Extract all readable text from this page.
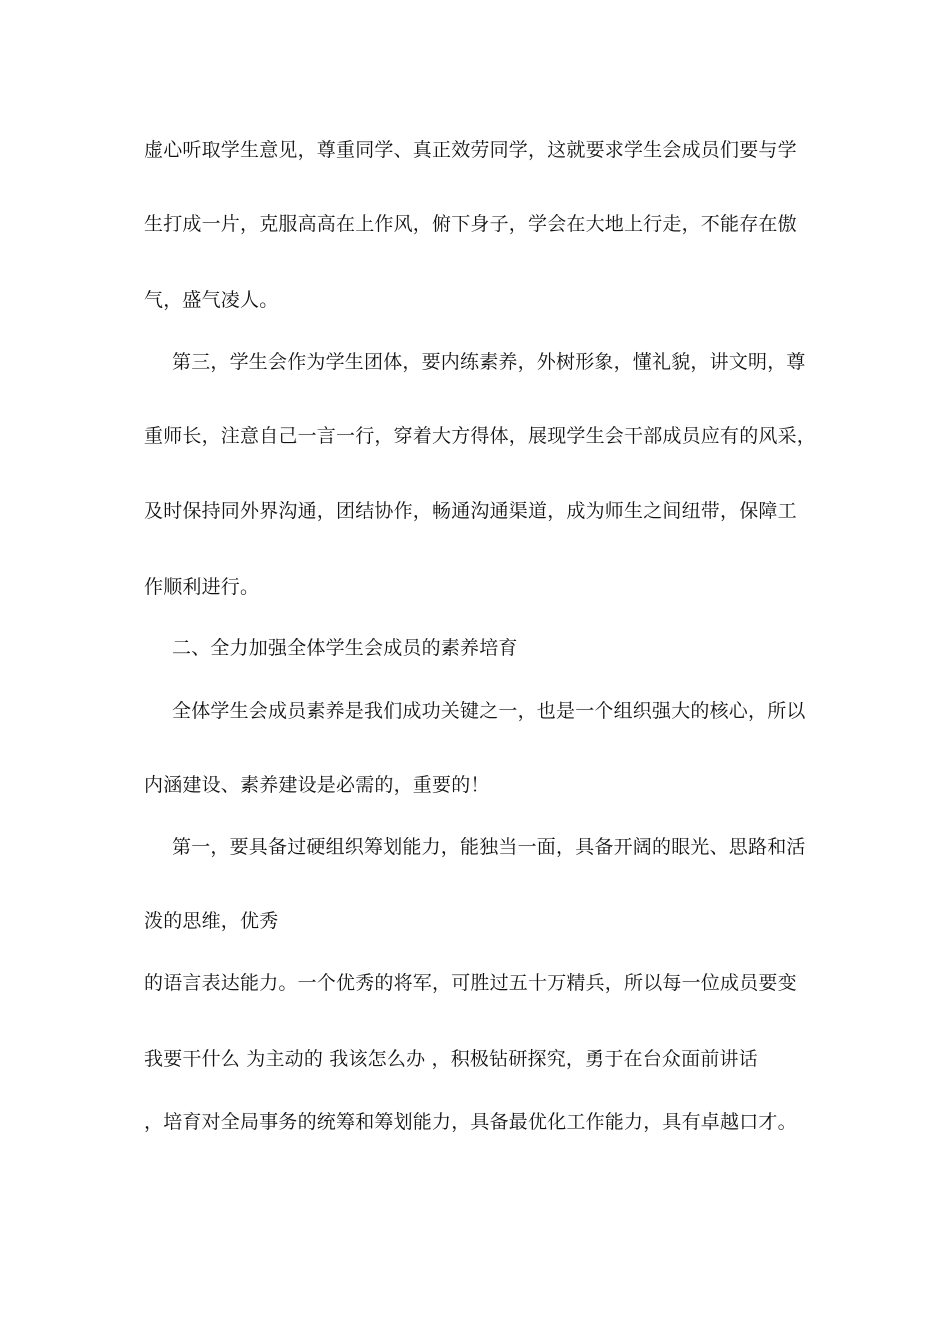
虚心听取学生意见，尊重同学、真正效劳同学，这就要求学生会成员们要与学
生打成一片，克服高高在上作风，俯下身子，学会在大地上行走，不能存在傲
气，盛气凌人。
第三，学生会作为学生团体，要内练素养，外树形象，懂礼貌，讲文明，尊
重师长，注意自己一言一行，穿着大方得体，展现学生会干部成员应有的风采，
及时保持同外界沟通，团结协作，畅通沟通渠道，成为师生之间纽带，保障工
作顺利进行。
二、全力加强全体学生会成员的素养培育
全体学生会成员素养是我们成功关键之一，也是一个组织强大的核心，所以
内涵建设、素养建设是必需的，重要的！
第一，要具备过硬组织筹划能力，能独当一面，具备开阔的眼光、思路和活
泼的思维，优秀
的语言表达能力。一个优秀的将军，可胜过五十万精兵，所以每一位成员要变
我要干什么 为主动的 我该怎么办 ，积极钻研探究，勇于在台众面前讲话
，培育对全局事务的统筹和筹划能力，具备最优化工作能力，具有卓越口才。
